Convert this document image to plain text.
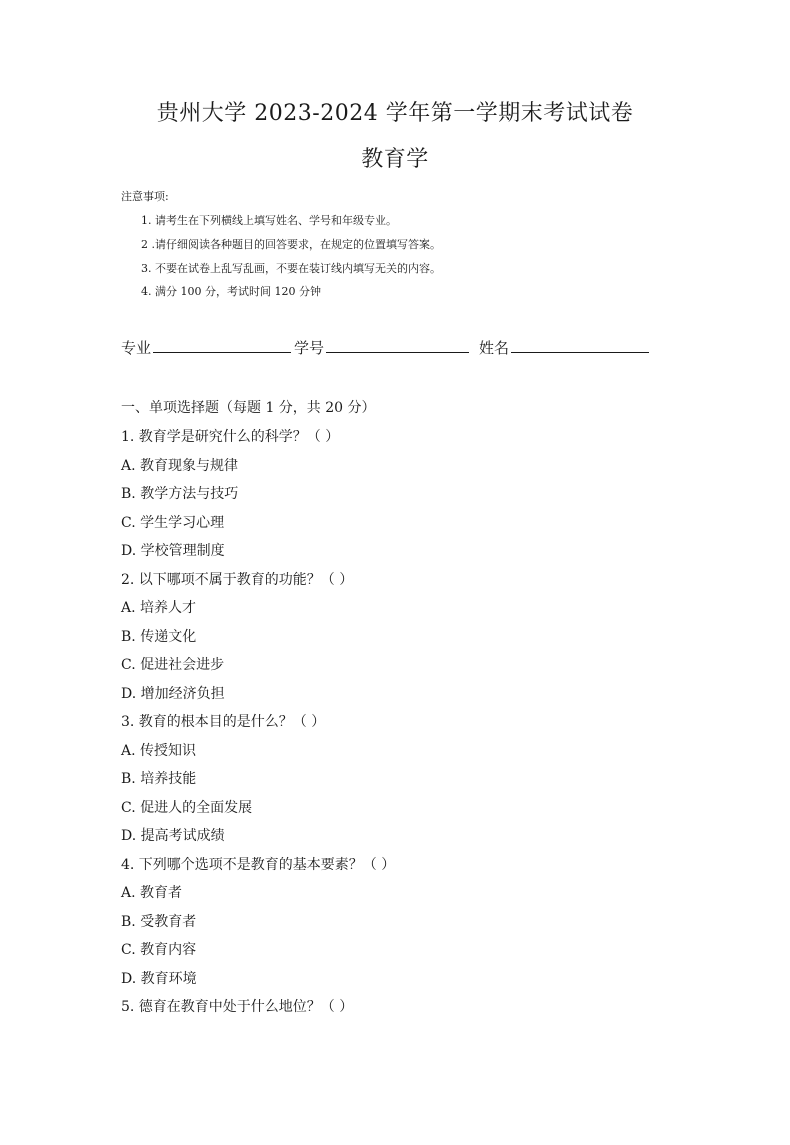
贵州大学 2023-2024 学年第一学期末考试试卷
教育学
注意事项:
1. 请考生在下列横线上填写姓名、学号和年级专业。
2 .请仔细阅读各种题目的回答要求，在规定的位置填写答案。
3. 不要在试卷上乱写乱画，不要在装订线内填写无关的内容。
4. 满分 100 分，考试时间 120 分钟
专业	学号	姓名
一、单项选择题（每题 1 分，共 20 分）
1. 教育学是研究什么的科学？（ ）
A. 教育现象与规律
B. 教学方法与技巧
C. 学生学习心理
D. 学校管理制度
2. 以下哪项不属于教育的功能？（ ）
A. 培养人才
B. 传递文化
C. 促进社会进步
D. 增加经济负担
3. 教育的根本目的是什么？（ ）
A. 传授知识
B. 培养技能
C. 促进人的全面发展
D. 提高考试成绩
4. 下列哪个选项不是教育的基本要素？（ ）
A. 教育者
B. 受教育者
C. 教育内容
D. 教育环境
5. 德育在教育中处于什么地位？（ ）
